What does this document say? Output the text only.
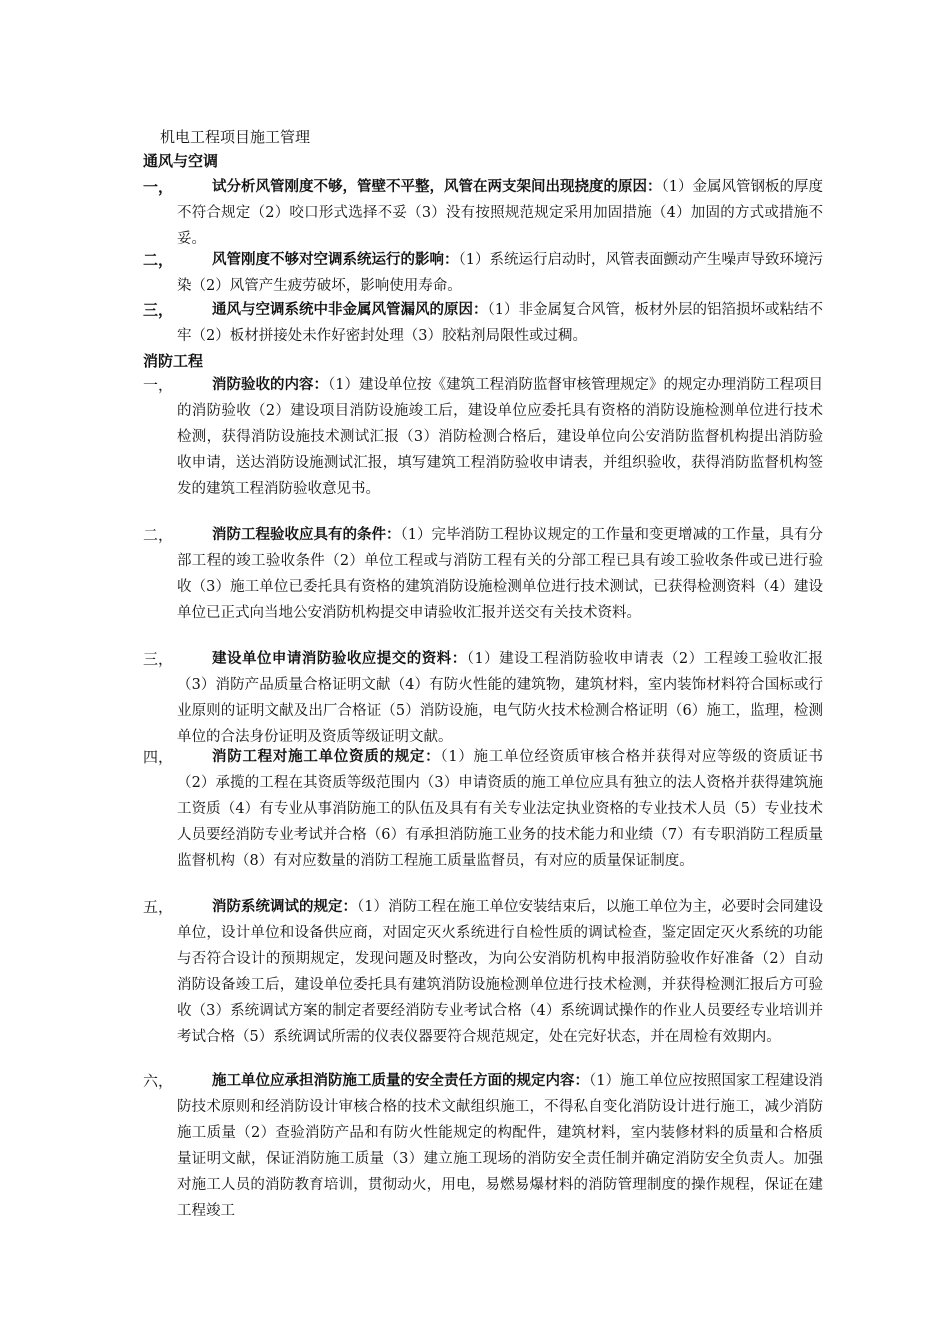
机电工程项目施工管理
通风与空调
一，	试分析风管刚度不够，管壁不平整，风管在两支架间出现挠度的原因：（1）金属风管钢板的厚度不符合规定（2）咬口形式选择不妥（3）没有按照规范规定采用加固措施（4）加固的方式或措施不妥。
二，	风管刚度不够对空调系统运行的影响：（1）系统运行启动时，风管表面颤动产生噪声导致环境污染（2）风管产生疲劳破坏，影响使用寿命。
三，	通风与空调系统中非金属风管漏风的原因：（1）非金属复合风管，板材外层的铝箔损坏或粘结不牢（2）板材拼接处未作好密封处理（3）胶粘剂局限性或过稠。
消防工程
一，	消防验收的内容：（1）建设单位按《建筑工程消防监督审核管理规定》的规定办理消防工程项目的消防验收（2）建设项目消防设施竣工后，建设单位应委托具有资格的消防设施检测单位进行技术检测，获得消防设施技术测试汇报（3）消防检测合格后，建设单位向公安消防监督机构提出消防验收申请，送达消防设施测试汇报，填写建筑工程消防验收申请表，并组织验收，获得消防监督机构签发的建筑工程消防验收意见书。
二，	消防工程验收应具有的条件：（1）完毕消防工程协议规定的工作量和变更增减的工作量，具有分部工程的竣工验收条件（2）单位工程或与消防工程有关的分部工程已具有竣工验收条件或已进行验收（3）施工单位已委托具有资格的建筑消防设施检测单位进行技术测试，已获得检测资料（4）建设单位已正式向当地公安消防机构提交申请验收汇报并送交有关技术资料。
三，	建设单位申请消防验收应提交的资料：（1）建设工程消防验收申请表（2）工程竣工验收汇报（3）消防产品质量合格证明文献（4）有防火性能的建筑物，建筑材料，室内装饰材料符合国标或行业原则的证明文献及出厂合格证（5）消防设施，电气防火技术检测合格证明（6）施工，监理，检测单位的合法身份证明及资质等级证明文献。
四，	消防工程对施工单位资质的规定：（1）施工单位经资质审核合格并获得对应等级的资质证书（2）承揽的工程在其资质等级范围内（3）申请资质的施工单位应具有独立的法人资格并获得建筑施工资质（4）有专业从事消防施工的队伍及具有有关专业法定执业资格的专业技术人员（5）专业技术人员要经消防专业考试并合格（6）有承担消防施工业务的技术能力和业绩（7）有专职消防工程质量监督机构（8）有对应数量的消防工程施工质量监督员，有对应的质量保证制度。
五，	消防系统调试的规定：（1）消防工程在施工单位安装结束后，以施工单位为主，必要时会同建设单位，设计单位和设备供应商，对固定灭火系统进行自检性质的调试检查，鉴定固定灭火系统的功能与否符合设计的预期规定，发现问题及时整改，为向公安消防机构申报消防验收作好准备（2）自动消防设备竣工后，建设单位委托具有建筑消防设施检测单位进行技术检测，并获得检测汇报后方可验收（3）系统调试方案的制定者要经消防专业考试合格（4）系统调试操作的作业人员要经专业培训并考试合格（5）系统调试所需的仪表仪器要符合规范规定，处在完好状态，并在周检有效期内。
六，	施工单位应承担消防施工质量的安全责任方面的规定内容：（1）施工单位应按照国家工程建设消防技术原则和经消防设计审核合格的技术文献组织施工，不得私自变化消防设计进行施工，减少消防施工质量（2）查验消防产品和有防火性能规定的构配件，建筑材料，室内装修材料的质量和合格质量证明文献，保证消防施工质量（3）建立施工现场的消防安全责任制并确定消防安全负责人。加强对施工人员的消防教育培训，贯彻动火，用电，易燃易爆材料的消防管理制度的操作规程，保证在建工程竣工
